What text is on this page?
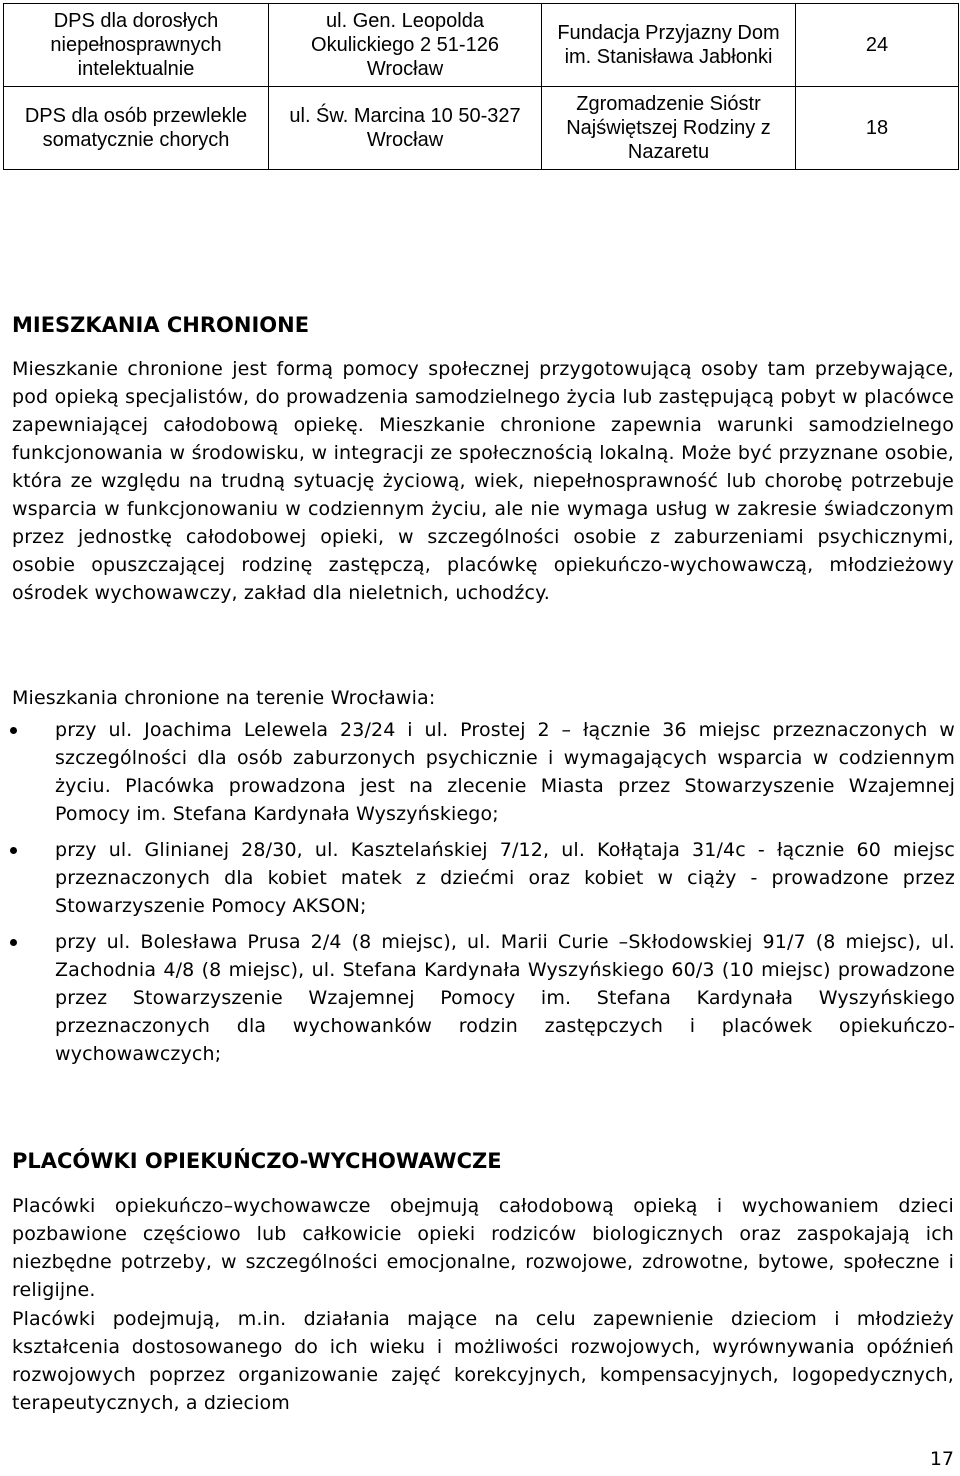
DPS dla dorosłych niepełnosprawnych intelektualnie	ul. Gen. Leopolda Okulickiego 2 51-126 Wrocław	Fundacja Przyjazny Dom im. Stanisława Jabłonki	24
DPS dla osób przewlekle somatycznie chorych	ul. Św. Marcina 10 50-327 Wrocław	Zgromadzenie Sióstr Najświętszej Rodziny z Nazaretu	18
MIESZKANIA CHRONIONE

Mieszkanie chronione jest formą pomocy społecznej przygotowującą osoby tam przebywające, pod opieką specjalistów, do prowadzenia samodzielnego życia lub zastępującą pobyt w placówce zapewniającej całodobową opiekę. Mieszkanie chronione zapewnia warunki samodzielnego funkcjonowania w środowisku, w integracji ze społecznością lokalną. Może być przyznane osobie, która ze względu na trudną sytuację życiową, wiek, niepełnosprawność lub chorobę potrzebuje wsparcia w funkcjonowaniu w codziennym życiu, ale nie wymaga usług w zakresie świadczonym przez jednostkę całodobowej opieki, w szczególności osobie z zaburzeniami psychicznymi, osobie opuszczającej rodzinę zastępczą, placówkę opiekuńczo-wychowawczą, młodzieżowy ośrodek wychowawczy, zakład dla nieletnich, uchodźcy.

Mieszkania chronione na terenie Wrocławia:

przy ul. Joachima Lelewela 23/24 i ul. Prostej 2 – łącznie 36 miejsc przeznaczonych w szczególności dla osób zaburzonych psychicznie i wymagających wsparcia w codziennym życiu. Placówka prowadzona jest na zlecenie Miasta przez Stowarzyszenie Wzajemnej Pomocy im. Stefana Kardynała Wyszyńskiego;
przy ul. Glinianej 28/30, ul. Kasztelańskiej 7/12, ul. Kołłątaja 31/4c - łącznie 60 miejsc przeznaczonych dla kobiet matek z dziećmi oraz kobiet w ciąży - prowadzone przez Stowarzyszenie Pomocy AKSON;
przy ul. Bolesława Prusa 2/4 (8 miejsc), ul. Marii Curie –Skłodowskiej 91/7 (8 miejsc), ul. Zachodnia 4/8 (8 miejsc), ul. Stefana Kardynała Wyszyńskiego 60/3 (10 miejsc) prowadzone przez Stowarzyszenie Wzajemnej Pomocy im. Stefana Kardynała Wyszyńskiego przeznaczonych dla wychowanków rodzin zastępczych i placówek opiekuńczo-wychowawczych;
PLACÓWKI OPIEKUŃCZO-WYCHOWAWCZE

Placówki opiekuńczo–wychowawcze obejmują całodobową opieką i wychowaniem dzieci pozbawione częściowo lub całkowicie opieki rodziców biologicznych oraz zaspokajają ich niezbędne potrzeby, w szczególności emocjonalne, rozwojowe, zdrowotne, bytowe, społeczne i religijne.

Placówki podejmują, m.in. działania mające na celu zapewnienie dzieciom i młodzieży kształcenia dostosowanego do ich wieku i możliwości rozwojowych, wyrównywania opóźnień rozwojowych poprzez organizowanie zajęć korekcyjnych, kompensacyjnych, logopedycznych, terapeutycznych, a dzieciom

17
